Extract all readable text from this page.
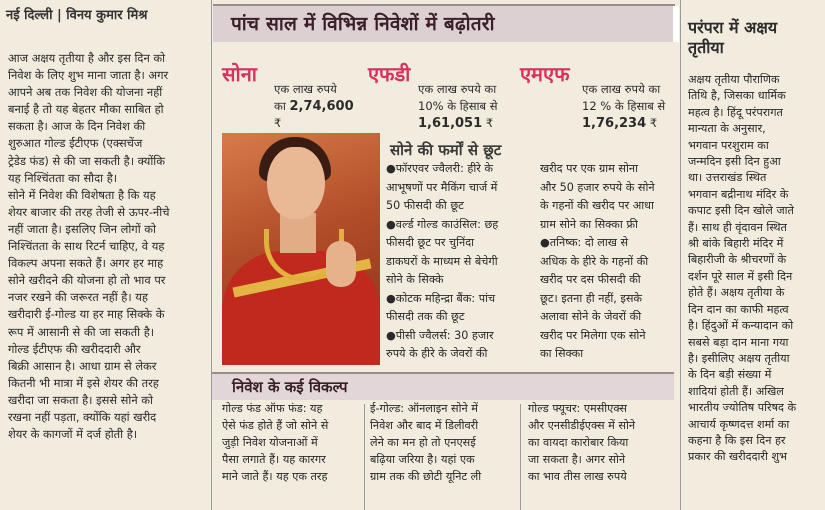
नई दिल्ली | विनय कुमार मिश्र
आज अक्षय तृतीया है और इस दिन को
निवेश के लिए शुभ माना जाता है। अगर
आपने अब तक निवेश की योजना नहीं
बनाई है तो यह बेहतर मौका साबित हो
सकता है। आज के दिन निवेश की
शुरुआत गोल्ड ईटीएफ (एक्सचेंज
ट्रेडेड फंड) से की जा सकती है। क्योंकि
यह निश्चिंतता का सौदा है।
सोने में निवेश की विशेषता है कि यह
शेयर बाजार की तरह तेजी से ऊपर-नीचे
नहीं जाता है। इसलिए जिन लोगों को
निश्चिंतता के साथ रिटर्न चाहिए, वे यह
विकल्प अपना सकते हैं। अगर हर माह
सोने खरीदने की योजना हो तो भाव पर
नजर रखने की जरूरत नहीं है। यह
खरीदारी ई-गोल्ड या हर माह सिक्के के
रूप में आसानी से की जा सकती है।
गोल्ड ईटीएफ की खरीददारी और
बिक्री आसान है। आधा ग्राम से लेकर
कितनी भी मात्रा में इसे शेयर की तरह
खरीदा जा सकता है। इससे सोने को
रखना नहीं पड़ता, क्योंकि यहां खरीद
शेयर के कागजों में दर्ज होती है।
पांच साल में विभिन्न निवेशों में बढ़ोतरी
सोना

एक लाख रुपये
का 2,74,600
₹

एफडी

एक लाख रुपये का
10% के हिसाब से
1,61,051 ₹

एमएफ

एक लाख रुपये का
12 % के हिसाब से
1,76,234 ₹

सोने की फर्मों से छूट
●फॉरएवर ज्वैलरी: हीरे के
आभूषणों पर मैकिंग चार्ज में
50 फीसदी की छूट
●वर्ल्ड गोल्ड काउंसिल: छह
फीसदी छूट पर चुनिंदा
डाकघरों के माध्यम से बेचेगी
सोने के सिक्के
●कोटक महिन्द्रा बैंक: पांच
फीसदी तक की छूट
●पीसी ज्वैलर्स: 30 हजार
रुपये के हीरे के जेवरों की
खरीद पर एक ग्राम सोना
और 50 हजार रुपये के सोने
के गहनों की खरीद पर आधा
ग्राम सोने का सिक्का फ्री
●तनिष्क: दो लाख से
अधिक के हीरे के गहनों की
खरीद पर दस फीसदी की
छूट। इतना ही नहीं, इसके
अलावा सोने के जेवरों की
खरीद पर मिलेगा एक सोने
का सिक्का
निवेश के कई विकल्प
गोल्ड फंड ऑफ फंड: यह
ऐसे फंड होते हैं जो सोने से
जुड़ी निवेश योजनाओं में
पैसा लगाते हैं। यह कारगर
माने जाते हैं। यह एक तरह
ई-गोल्ड: ऑनलाइन सोने में
निवेश और बाद में डिलीवरी
लेने का मन हो तो एनएसई
बढ़िया जरिया है। यहां एक
ग्राम तक की छोटी यूनिट ली
गोल्ड फ्यूचर: एमसीएक्स
और एनसीडीईएक्स में सोने
का वायदा कारोबार किया
जा सकता है। अगर सोने
का भाव तीस लाख रुपये
परंपरा में अक्षय
तृतीया
अक्षय तृतीया पौराणिक
तिथि है, जिसका धार्मिक
महत्व है। हिंदू परंपरागत
मान्यता के अनुसार,
भगवान परशुराम का
जन्मदिन इसी दिन हुआ
था। उत्तराखंड स्थित
भगवान बद्रीनाथ मंदिर के
कपाट इसी दिन खोले जाते
हैं। साथ ही वृंदावन स्थित
श्री बांके बिहारी मंदिर में
बिहारीजी के श्रीचरणों के
दर्शन पूरे साल में इसी दिन
होते हैं। अक्षय तृतीया के
दिन दान का काफी महत्व
है। हिंदुओं में कन्यादान को
सबसे बड़ा दान माना गया
है। इसीलिए अक्षय तृतीया
के दिन बड़ी संख्या में
शादियां होती हैं। अखिल
भारतीय ज्योतिष परिषद के
आचार्य कृष्णदत्त शर्मा का
कहना है कि इस दिन हर
प्रकार की खरीददारी शुभ
